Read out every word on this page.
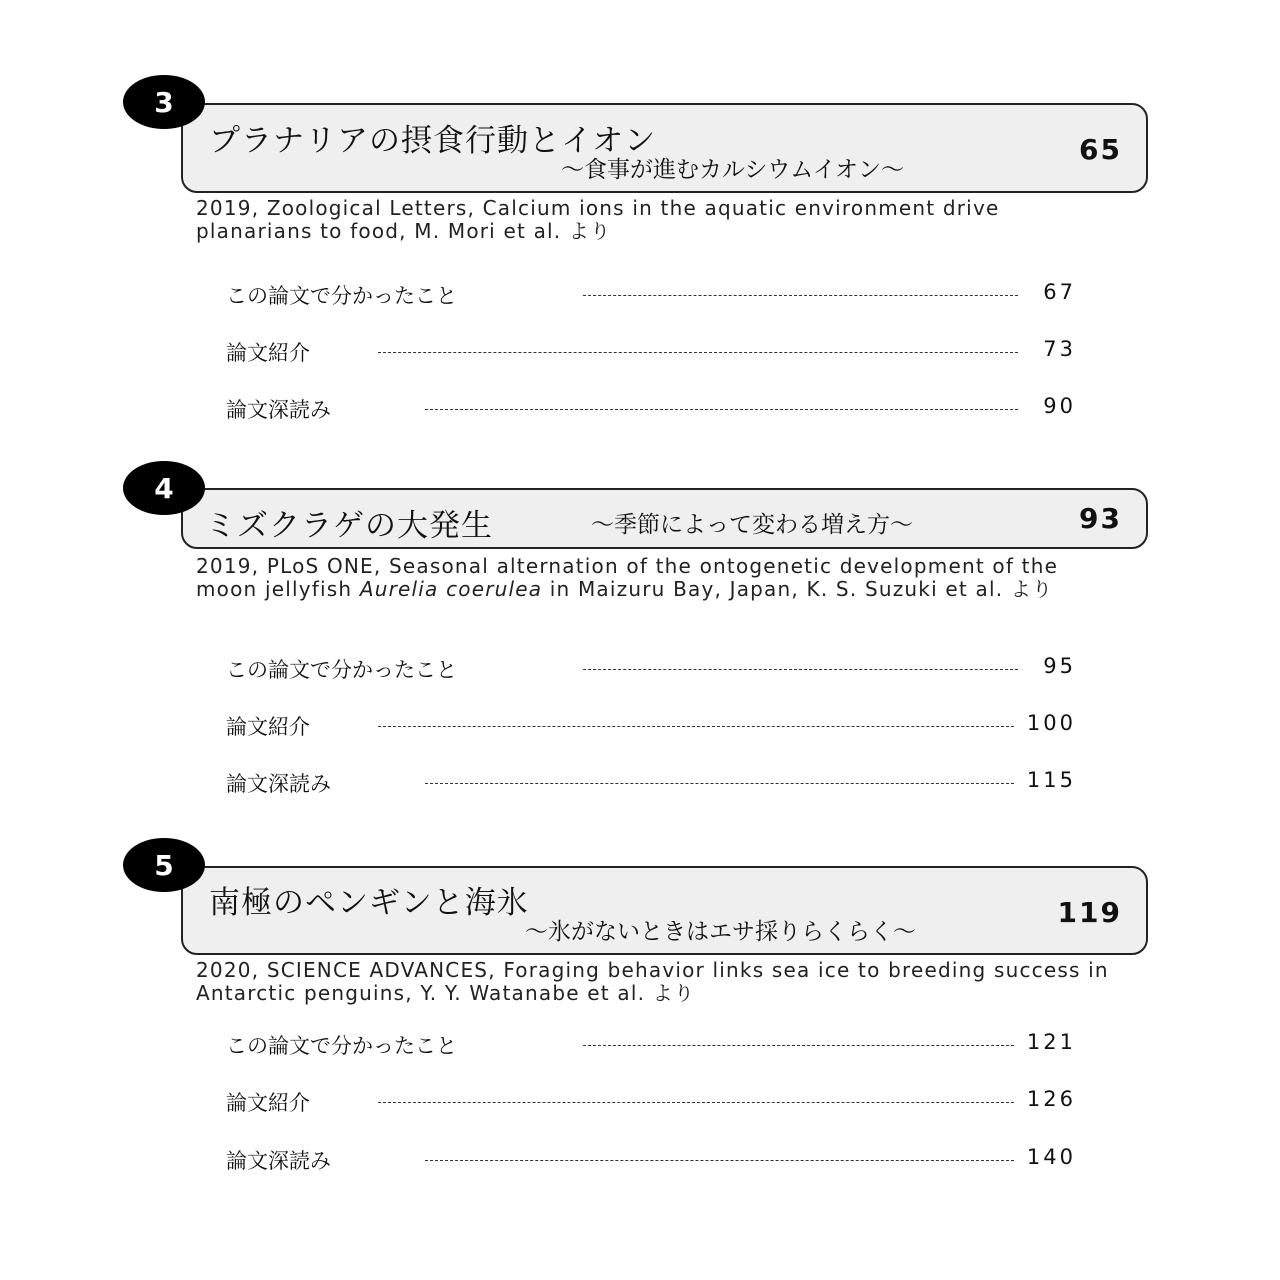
3
プラナリアの摂食行動とイオン
〜食事が進むカルシウムイオン〜
65
2019, Zoological Letters, Calcium ions in the aquatic environment drive planarians to food, M. Mori et al. より
この論文で分かったこと	67
論文紹介	73
論文深読み	90
4
ミズクラゲの大発生	〜季節によって変わる増え方〜	93
2019, PLoS ONE, Seasonal alternation of the ontogenetic development of the moon jellyfish Aurelia coerulea in Maizuru Bay, Japan, K. S. Suzuki et al. より
この論文で分かったこと	95
論文紹介	100
論文深読み	115
5
南極のペンギンと海氷
〜氷がないときはエサ採りらくらく〜
119
2020, SCIENCE ADVANCES, Foraging behavior links sea ice to breeding success in Antarctic penguins, Y. Y. Watanabe et al. より
この論文で分かったこと	121
論文紹介	126
論文深読み	140
